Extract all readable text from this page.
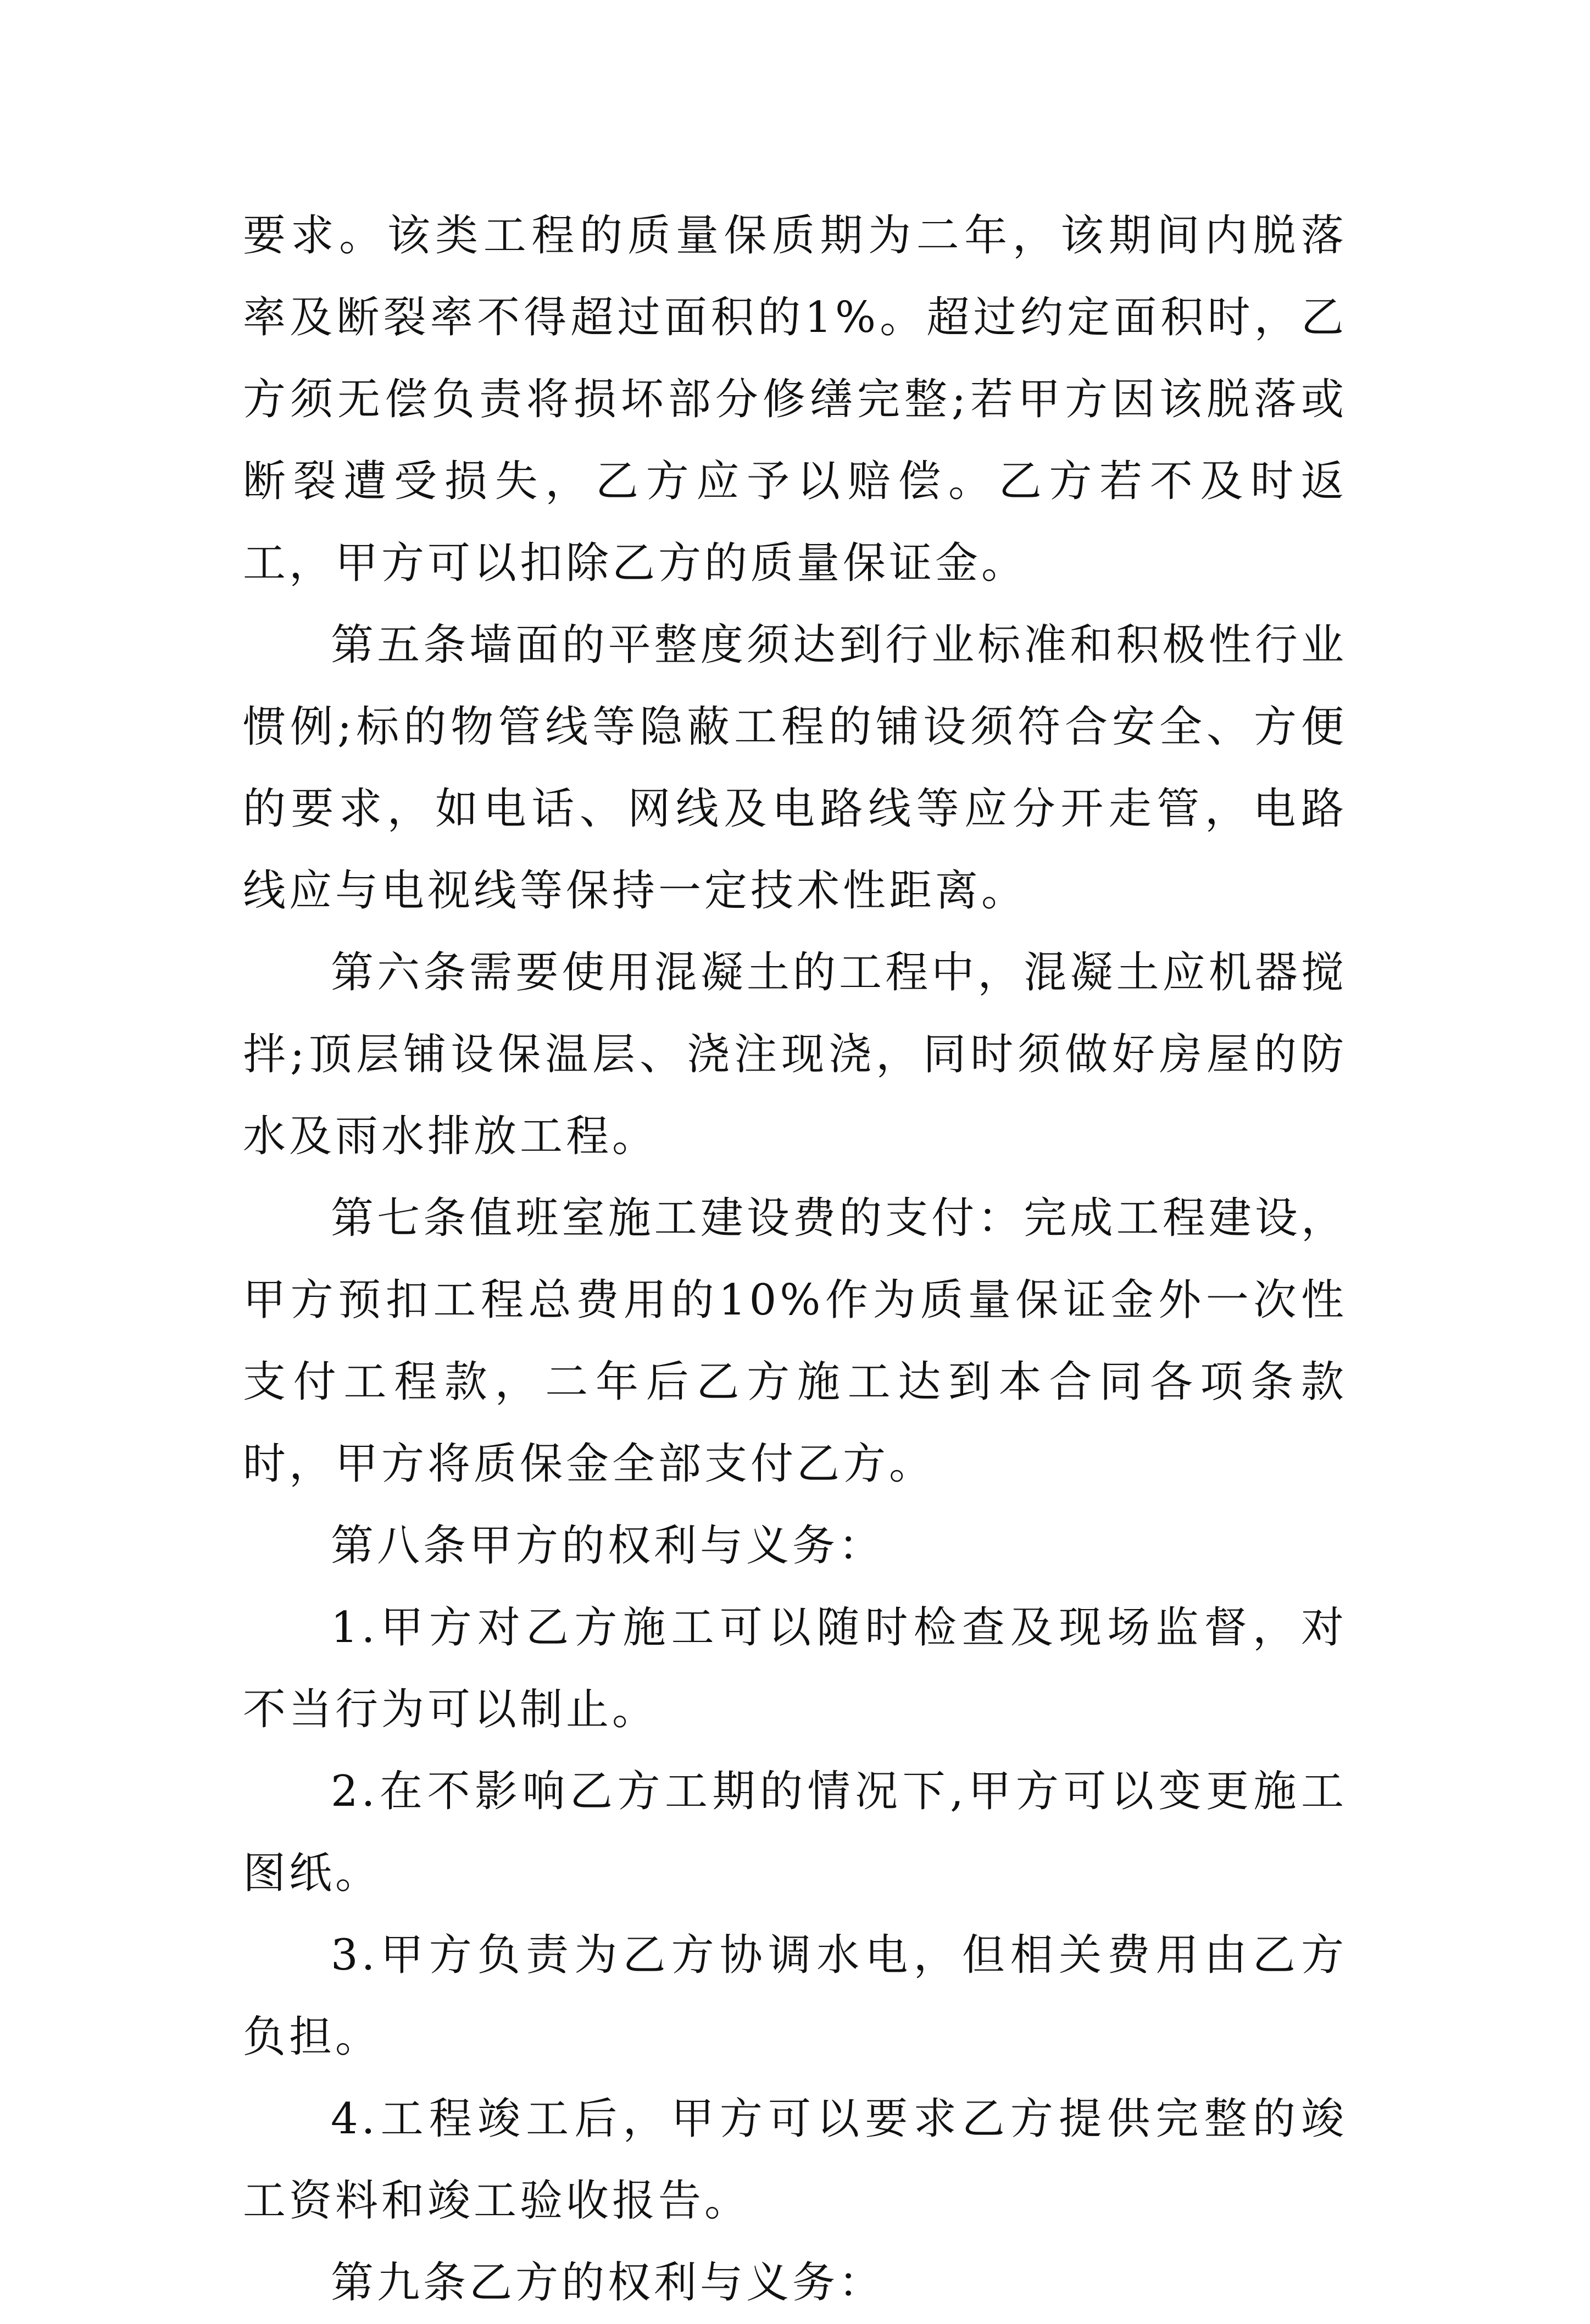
要求。该类工程的质量保质期为二年，该期间内脱落率及断裂率不得超过面积的1%。超过约定面积时，乙方须无偿负责将损坏部分修缮完整;若甲方因该脱落或断裂遭受损失，乙方应予以赔偿。乙方若不及时返工，甲方可以扣除乙方的质量保证金。

第五条墙面的平整度须达到行业标准和积极性行业惯例;标的物管线等隐蔽工程的铺设须符合安全、方便的要求，如电话、网线及电路线等应分开走管，电路线应与电视线等保持一定技术性距离。

第六条需要使用混凝土的工程中，混凝土应机器搅拌;顶层铺设保温层、浇注现浇，同时须做好房屋的防水及雨水排放工程。

第七条值班室施工建设费的支付：完成工程建设，甲方预扣工程总费用的10%作为质量保证金外一次性支付工程款，二年后乙方施工达到本合同各项条款时，甲方将质保金全部支付乙方。

第八条甲方的权利与义务：

1.甲方对乙方施工可以随时检查及现场监督，对不当行为可以制止。

2.在不影响乙方工期的情况下,甲方可以变更施工图纸。

3.甲方负责为乙方协调水电，但相关费用由乙方负担。

4.工程竣工后，甲方可以要求乙方提供完整的竣工资料和竣工验收报告。

第九条乙方的权利与义务：
